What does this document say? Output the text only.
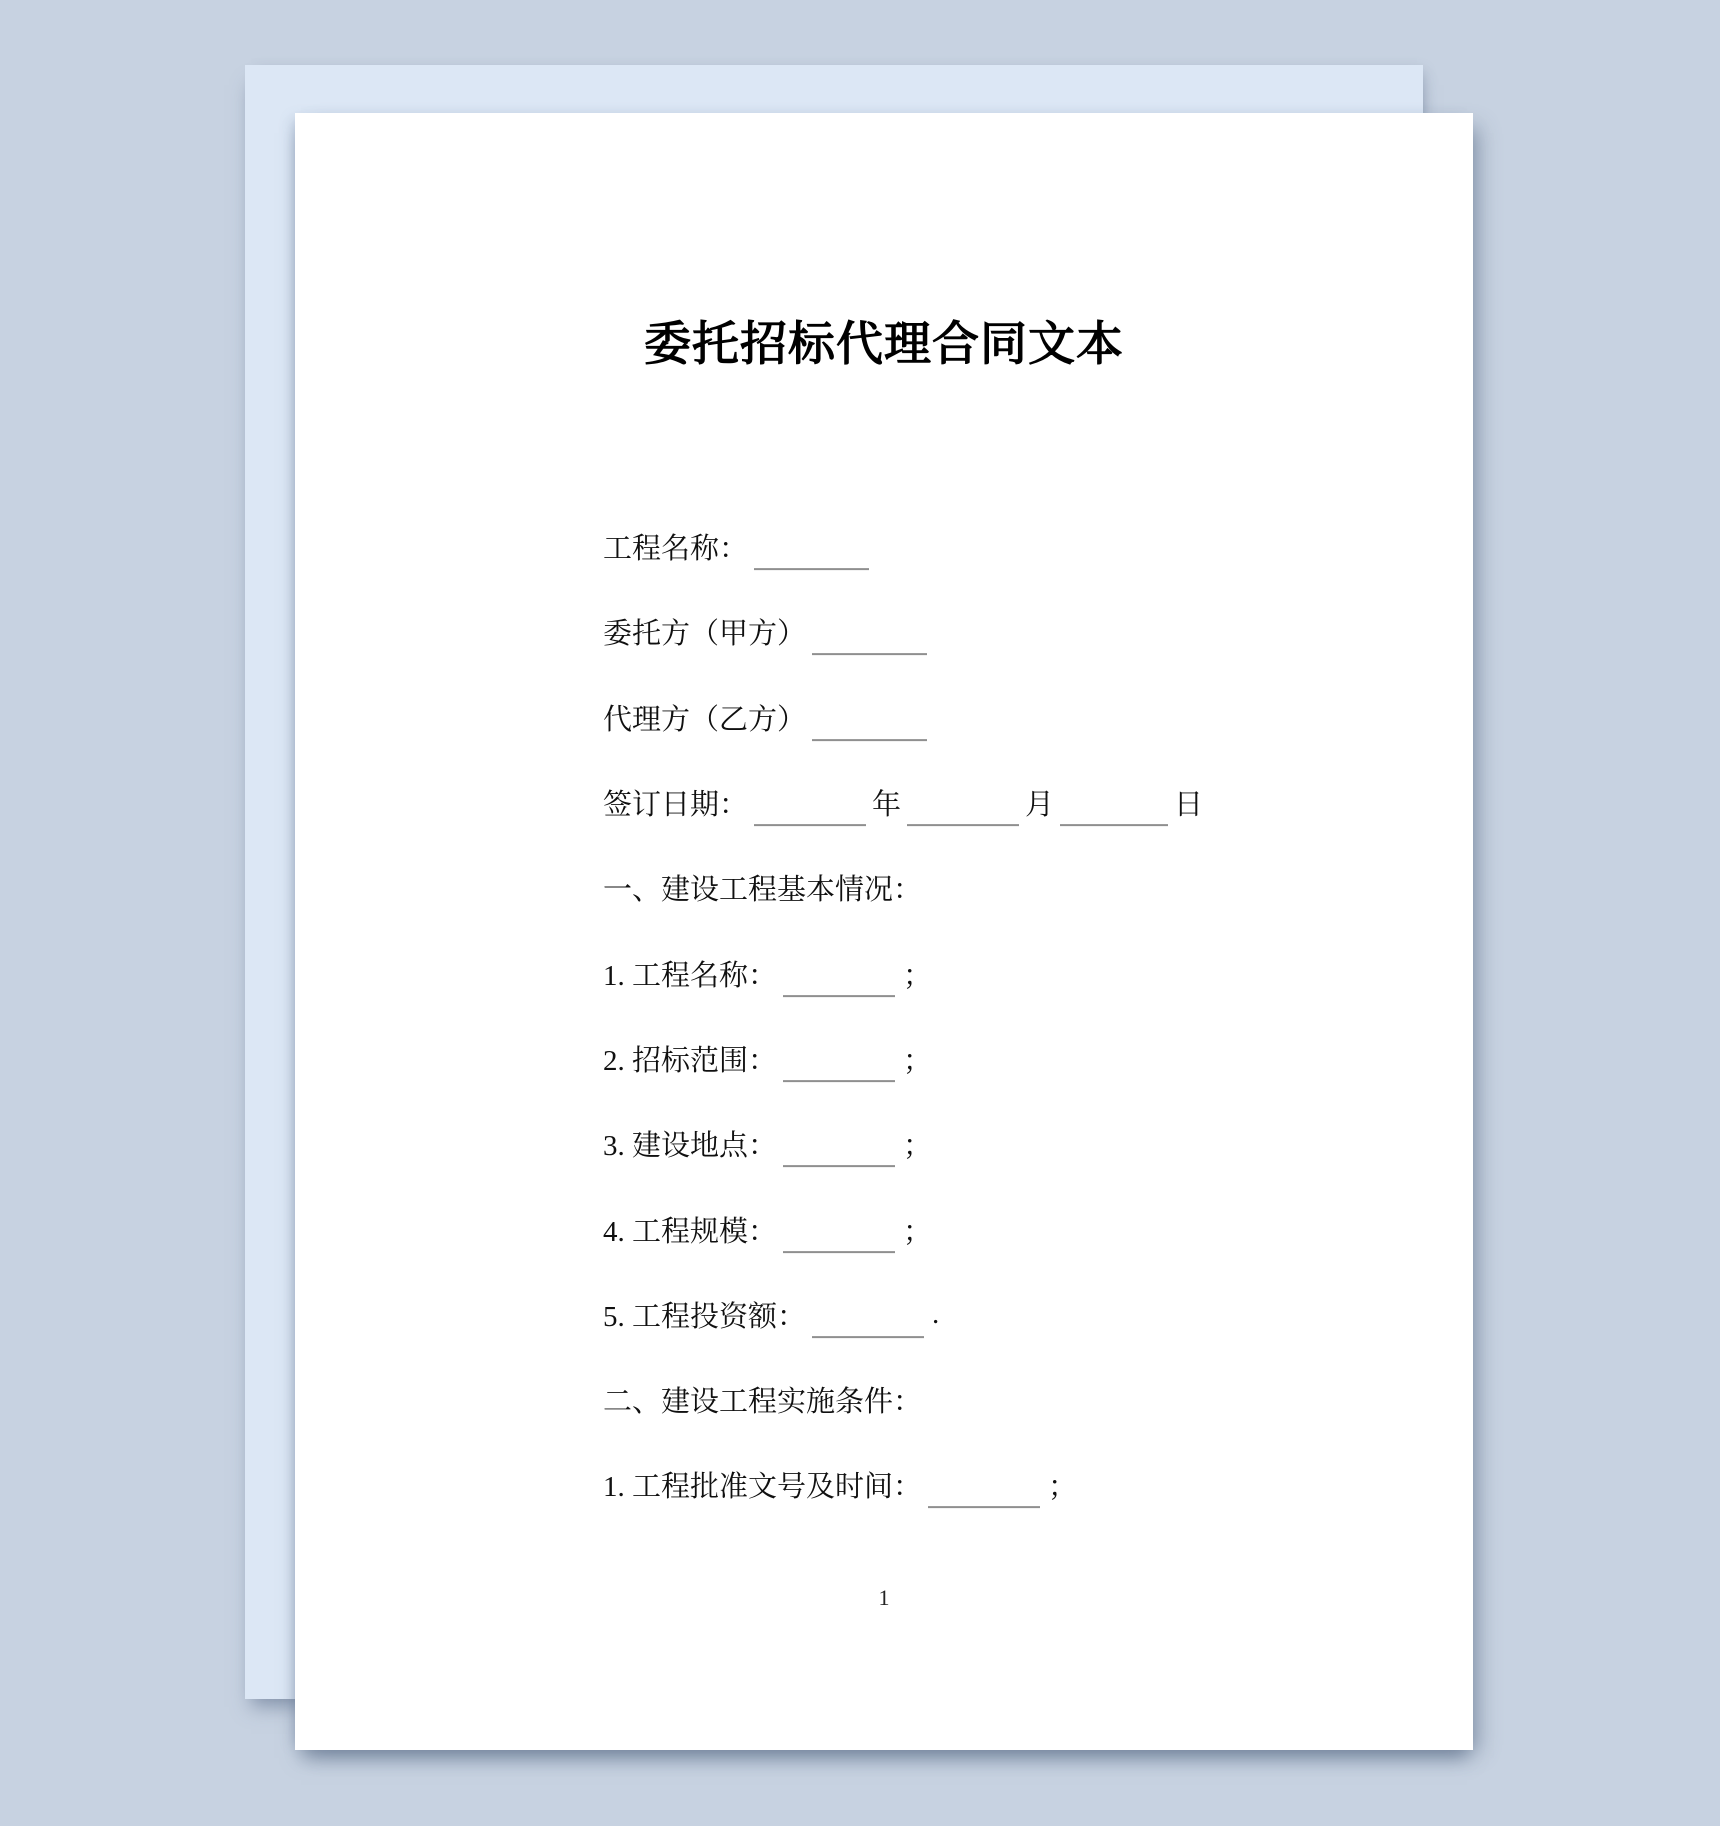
委托招标代理合同文本
工程名称：
委托方（甲方）
代理方（乙方）
签订日期：	年	月	日
一、建设工程基本情况：
1. 工程名称：	；
2. 招标范围：	；
3. 建设地点：	；
4. 工程规模：	；
5. 工程投资额：	.
二、建设工程实施条件：
1. 工程批准文号及时间：	；
1
